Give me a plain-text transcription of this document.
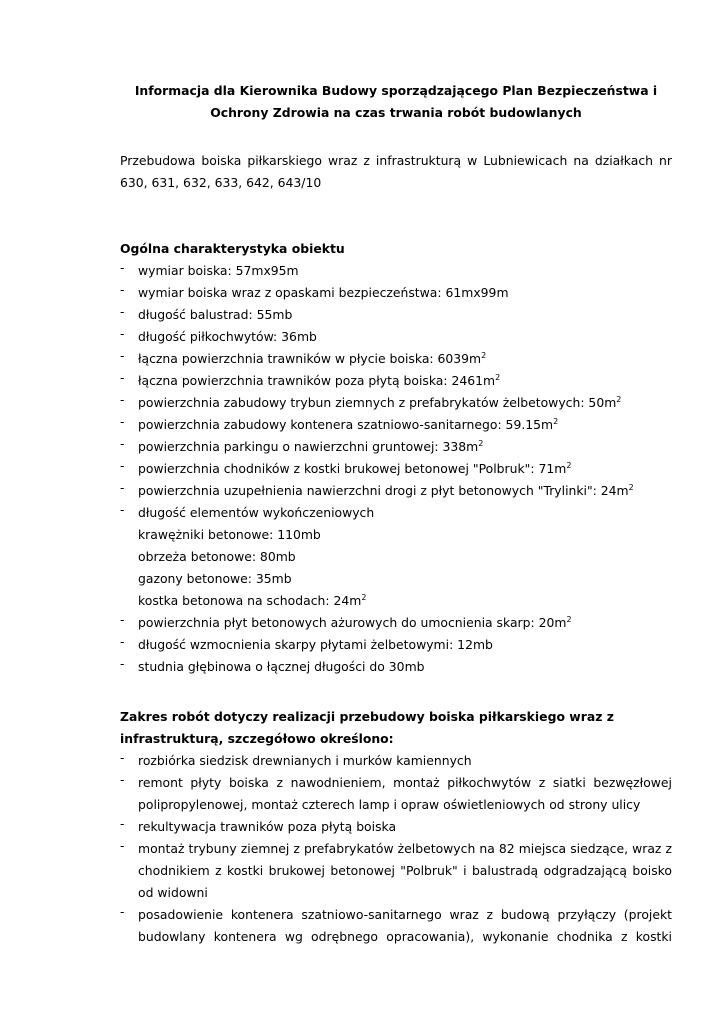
Informacja dla Kierownika Budowy sporządzającego Plan Bezpieczeństwa i
Ochrony Zdrowia na czas trwania robót budowlanych
Przebudowa boiska piłkarskiego wraz z infrastrukturą w Lubniewicach na działkach nr
630, 631, 632, 633, 642, 643/10
Ogólna charakterystyka obiektu
- wymiar boiska: 57mx95m
- wymiar boiska wraz z opaskami bezpieczeństwa: 61mx99m
- długość balustrad: 55mb
- długość piłkochwytów: 36mb
- łączna powierzchnia trawników w płycie boiska: $6039m^2$
- łączna powierzchnia trawników poza płytą boiska: $2461m^2$
- powierzchnia zabudowy trybun ziemnych z prefabrykatów żelbetowych: $50m^2$
- powierzchnia zabudowy kontenera szatniowo-sanitarnego: $59.15m^2$
- powierzchnia parkingu o nawierzchni gruntowej: $338m^2$
- powierzchnia chodników z kostki brukowej betonowej "Polbruk": $71m^2$
- powierzchnia uzupełnienia nawierzchni drogi z płyt betonowych "Trylinki": $24m^2$
- długość elementów wykończeniowych
krawężniki betonowe: 110mb
obrzeża betonowe: 80mb
gazony betonowe: 35mb
kostka betonowa na schodach: $24m^2$
- powierzchnia płyt betonowych ażurowych do umocnienia skarp: $20m^2$
- długość wzmocnienia skarpy płytami żelbetowymi: 12mb
- studnia głębinowa o łącznej długości do 30mb
Zakres robót dotyczy realizacji przebudowy boiska piłkarskiego wraz z
infrastrukturą, szczegółowo określono:
- rozbiórka siedzisk drewnianych i murków kamiennych
- remont płyty boiska z nawodnieniem, montaż piłkochwytów z siatki bezwęzłowej
polipropylenowej, montaż czterech lamp i opraw oświetleniowych od strony ulicy
- rekultywacja trawników poza płytą boiska
- montaż trybuny ziemnej z prefabrykatów żelbetowych na 82 miejsca siedzące, wraz z
chodnikiem z kostki brukowej betonowej "Polbruk" i balustradą odgradzającą boisko
od widowni
- posadowienie kontenera szatniowo-sanitarnego wraz z budową przyłączy (projekt
budowlany kontenera wg odrębnego opracowania), wykonanie chodnika z kostki
